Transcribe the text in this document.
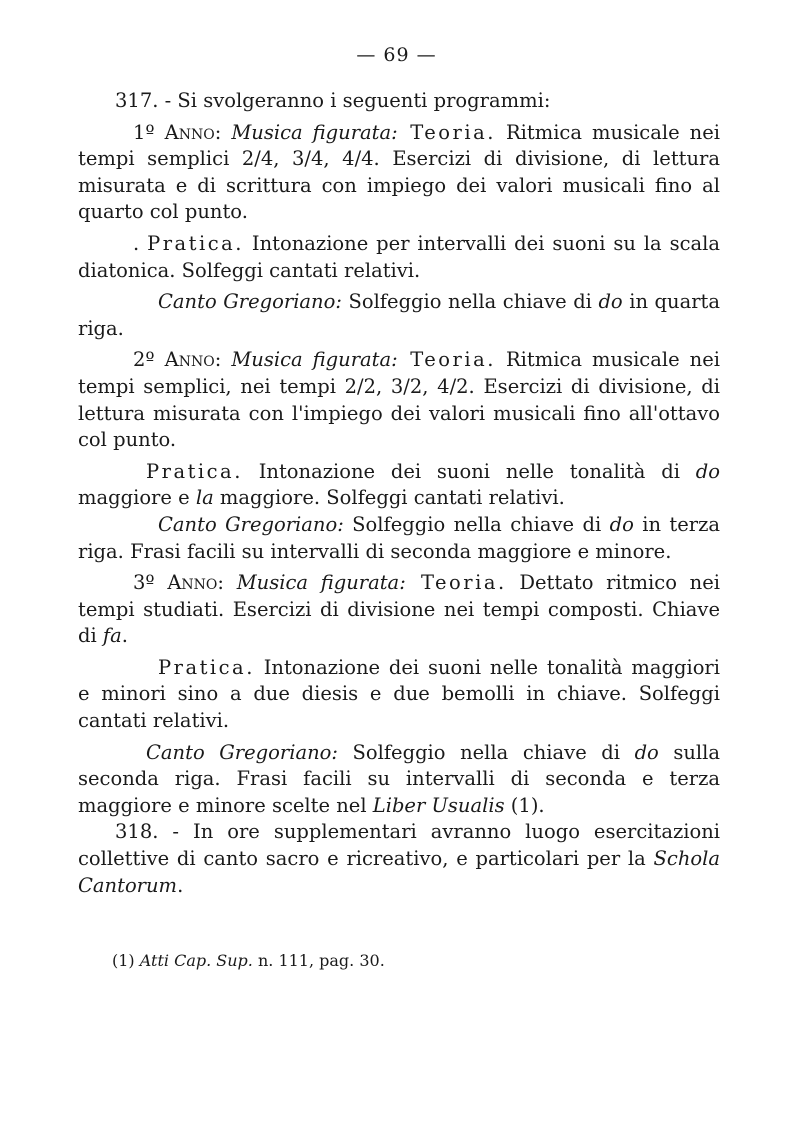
— 69 —

317. - Si svolgeranno i seguenti programmi:

1º Anno: Musica figurata: Teoria. Ritmica musicale nei tempi semplici 2/4, 3/4, 4/4. Esercizi di divisione, di lettura misurata e di scrittura con impiego dei valori musicali fino al quarto col punto.

. Pratica. Intonazione per intervalli dei suoni su la scala diatonica. Solfeggi cantati relativi.

Canto Gregoriano: Solfeggio nella chiave di do in quarta riga.

2º Anno: Musica figurata: Teoria. Ritmica musicale nei tempi semplici, nei tempi 2/2, 3/2, 4/2. Esercizi di divisione, di lettura misurata con l'impiego dei valori musicali fino all'ottavo col punto.

Pratica. Intonazione dei suoni nelle tonalità di do maggiore e la maggiore. Solfeggi cantati relativi.

Canto Gregoriano: Solfeggio nella chiave di do in terza riga. Frasi facili su intervalli di seconda maggiore e minore.

3º Anno: Musica figurata: Teoria. Dettato ritmico nei tempi studiati. Esercizi di divisione nei tempi composti. Chiave di fa.

Pratica. Intonazione dei suoni nelle tonalità maggiori e minori sino a due diesis e due bemolli in chiave. Solfeggi cantati relativi.

Canto Gregoriano: Solfeggio nella chiave di do sulla seconda riga. Frasi facili su intervalli di seconda e terza maggiore e minore scelte nel Liber Usualis (1).

318. - In ore supplementari avranno luogo esercitazioni collettive di canto sacro e ricreativo, e particolari per la Schola Cantorum.

(1) Atti Cap. Sup. n. 111, pag. 30.
